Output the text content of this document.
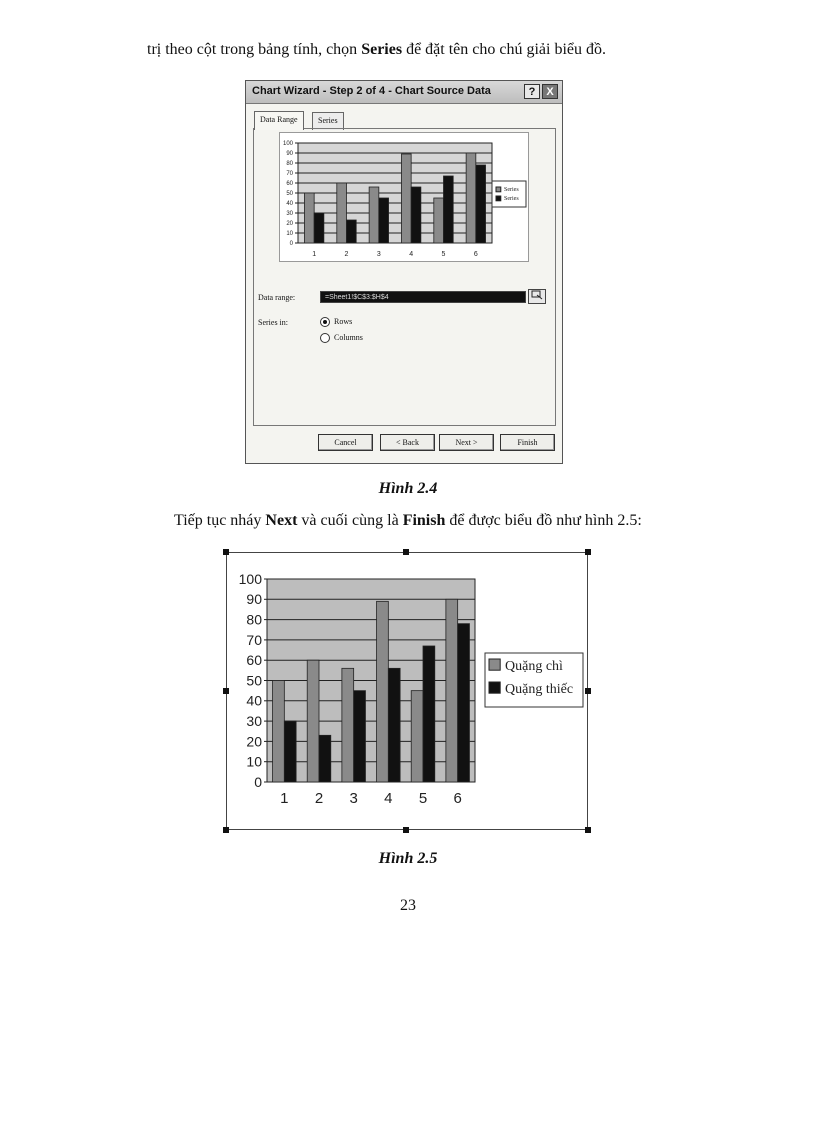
trị theo cột trong bảng tính, chọn Series để đặt tên cho chú giải biểu đồ.
Chart Wizard - Step 2 of 4 - Chart Source Data	? X
Data Range	Series
100
90
80
70
60
50
40
30
20
10
0
1	2	3	4	5	6
Series
Series
Data range:	=Sheet1!$C$3:$H$4
Series in:	Rows
Columns
Cancel	< Back	Next >	Finish
Hình 2.4
Tiếp tục nháy Next và cuối cùng là Finish để được biểu đồ như hình 2.5:
100
90
80
70
60
50
40
30
20
10
0
1 2 3 4 5 6
Quặng chì
Quặng thiếc
Hình 2.5
23
